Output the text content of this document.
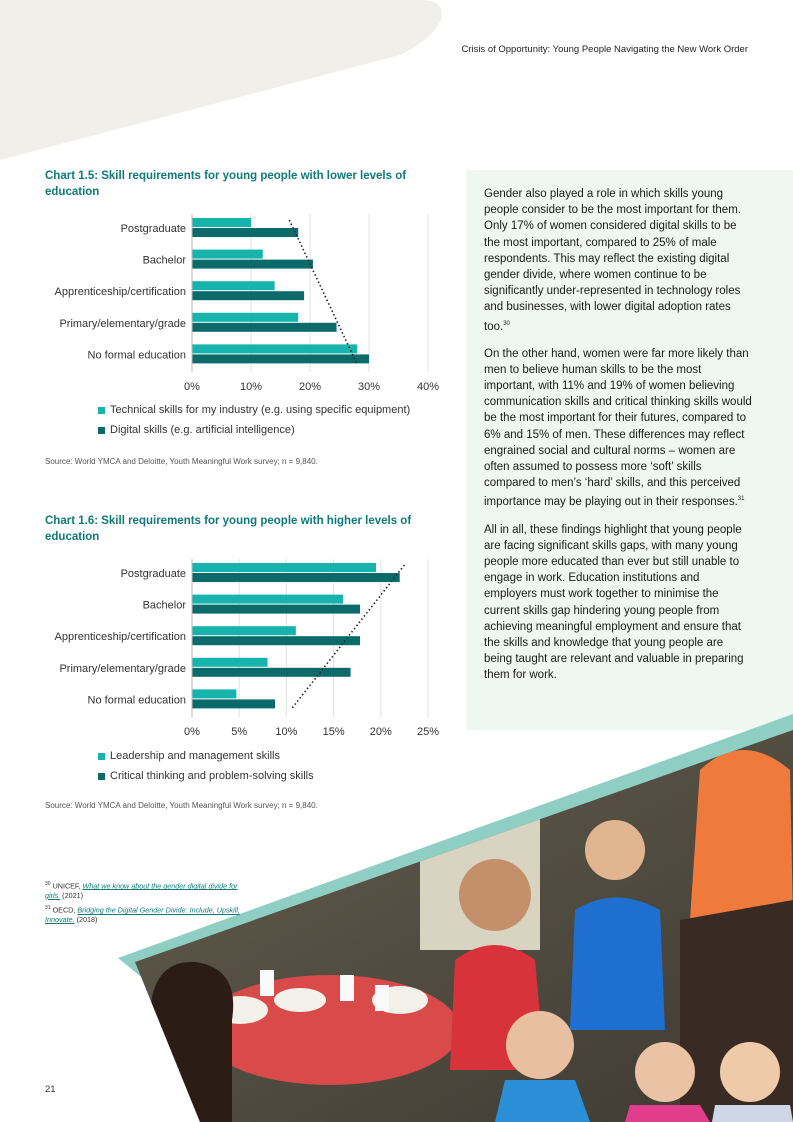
Crisis of Opportunity: Young People Navigating the New Work Order
Chart 1.5: Skill requirements for young people with lower levels of education
0%	10%	20%	30%	40%
Postgraduate
Bachelor
Apprenticeship/certification
Primary/elementary/grade
No formal education
Technical skills for my industry (e.g. using specific equipment)
Digital skills (e.g. artificial intelligence)
Source: World YMCA and Deloitte, Youth Meaningful Work survey; n = 9,840.
Chart 1.6: Skill requirements for young people with higher levels of education
0%	5%	10% 15% 20% 25%
Postgraduate
Bachelor
Apprenticeship/certification
Primary/elementary/grade
No formal education
Leadership and management skills
Critical thinking and problem-solving skills
Source: World YMCA and Deloitte, Youth Meaningful Work survey; n = 9,840.

Gender also played a role in which skills young people consider to be the most important for them. Only 17% of women considered digital skills to be the most important, compared to 25% of male respondents. This may reflect the existing digital gender divide, where women continue to be significantly under-represented in technology roles and businesses, with lower digital adoption rates too.$^{30}$

On the other hand, women were far more likely than men to believe human skills to be the most important, with 11% and 19% of women believing communication skills and critical thinking skills would be the most important for their futures, compared to 6% and 15% of men. These differences may reflect engrained social and cultural norms – women are often assumed to possess more ‘soft’ skills compared to men’s ‘hard’ skills, and this perceived importance may be playing out in their responses.$^{31}$

All in all, these findings highlight that young people are facing significant skills gaps, with many young people more educated than ever but still unable to engage in work. Education institutions and employers must work together to minimise the current skills gap hindering young people from achieving meaningful employment and ensure that the skills and knowledge that young people are being taught are relevant and valuable in preparing them for work.

$^{30}$ UNICEF, What we know about the gender digital divide for girls. (2021)
$^{31}$ OECD, Bridging the Digital Gender Divide: Include, Upskill, Innovate. (2018)
21
